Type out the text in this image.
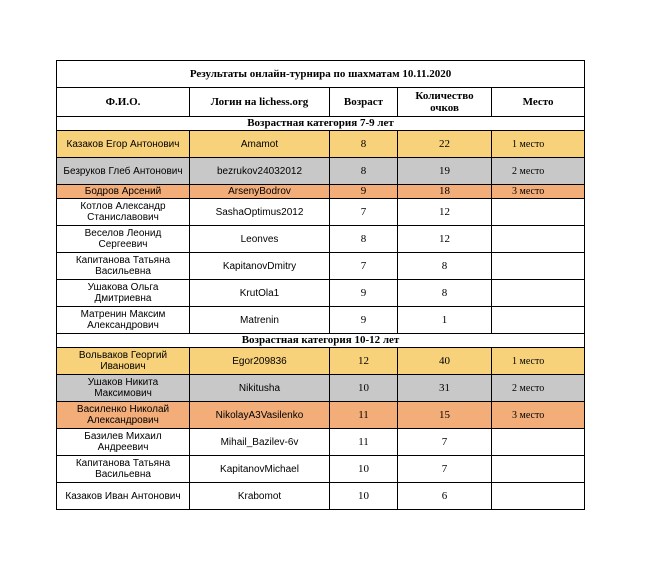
Результаты онлайн-турнира по шахматам 10.11.2020				
Ф.И.О.	Логин на lichess.org	Возраст	Количество очков	Место
Возрастная категория 7-9 лет				
Казаков Егор Антонович	Amamot	8	22	1 место
Безруков Глеб Антонович	bezrukov24032012	8	19	2 место
Бодров Арсений	ArsenyBodrov	9	18	3 место
Котлов Александр Станиславович	SashaOptimus2012	7	12	
Веселов Леонид Сергеевич	Leonves	8	12	
Капитанова Татьяна Васильевна	KapitanovDmitry	7	8	
Ушакова Ольга Дмитриевна	KrutOla1	9	8	
Матренин Максим Александрович	Matrenin	9	1	
Возрастная категория 10-12 лет				
Вольваков Георгий Иванович	Egor209836	12	40	1 место
Ушаков Никита Максимович	Nikitusha	10	31	2 место
Василенко Николай Александрович	NikolayA3Vasilenko	11	15	3 место
Базилев Михаил Андреевич	Mihail_Bazilev-6v	11	7	
Капитанова Татьяна Васильевна	KapitanovMichael	10	7	
Казаков Иван Антонович	Krabomot	10	6	
